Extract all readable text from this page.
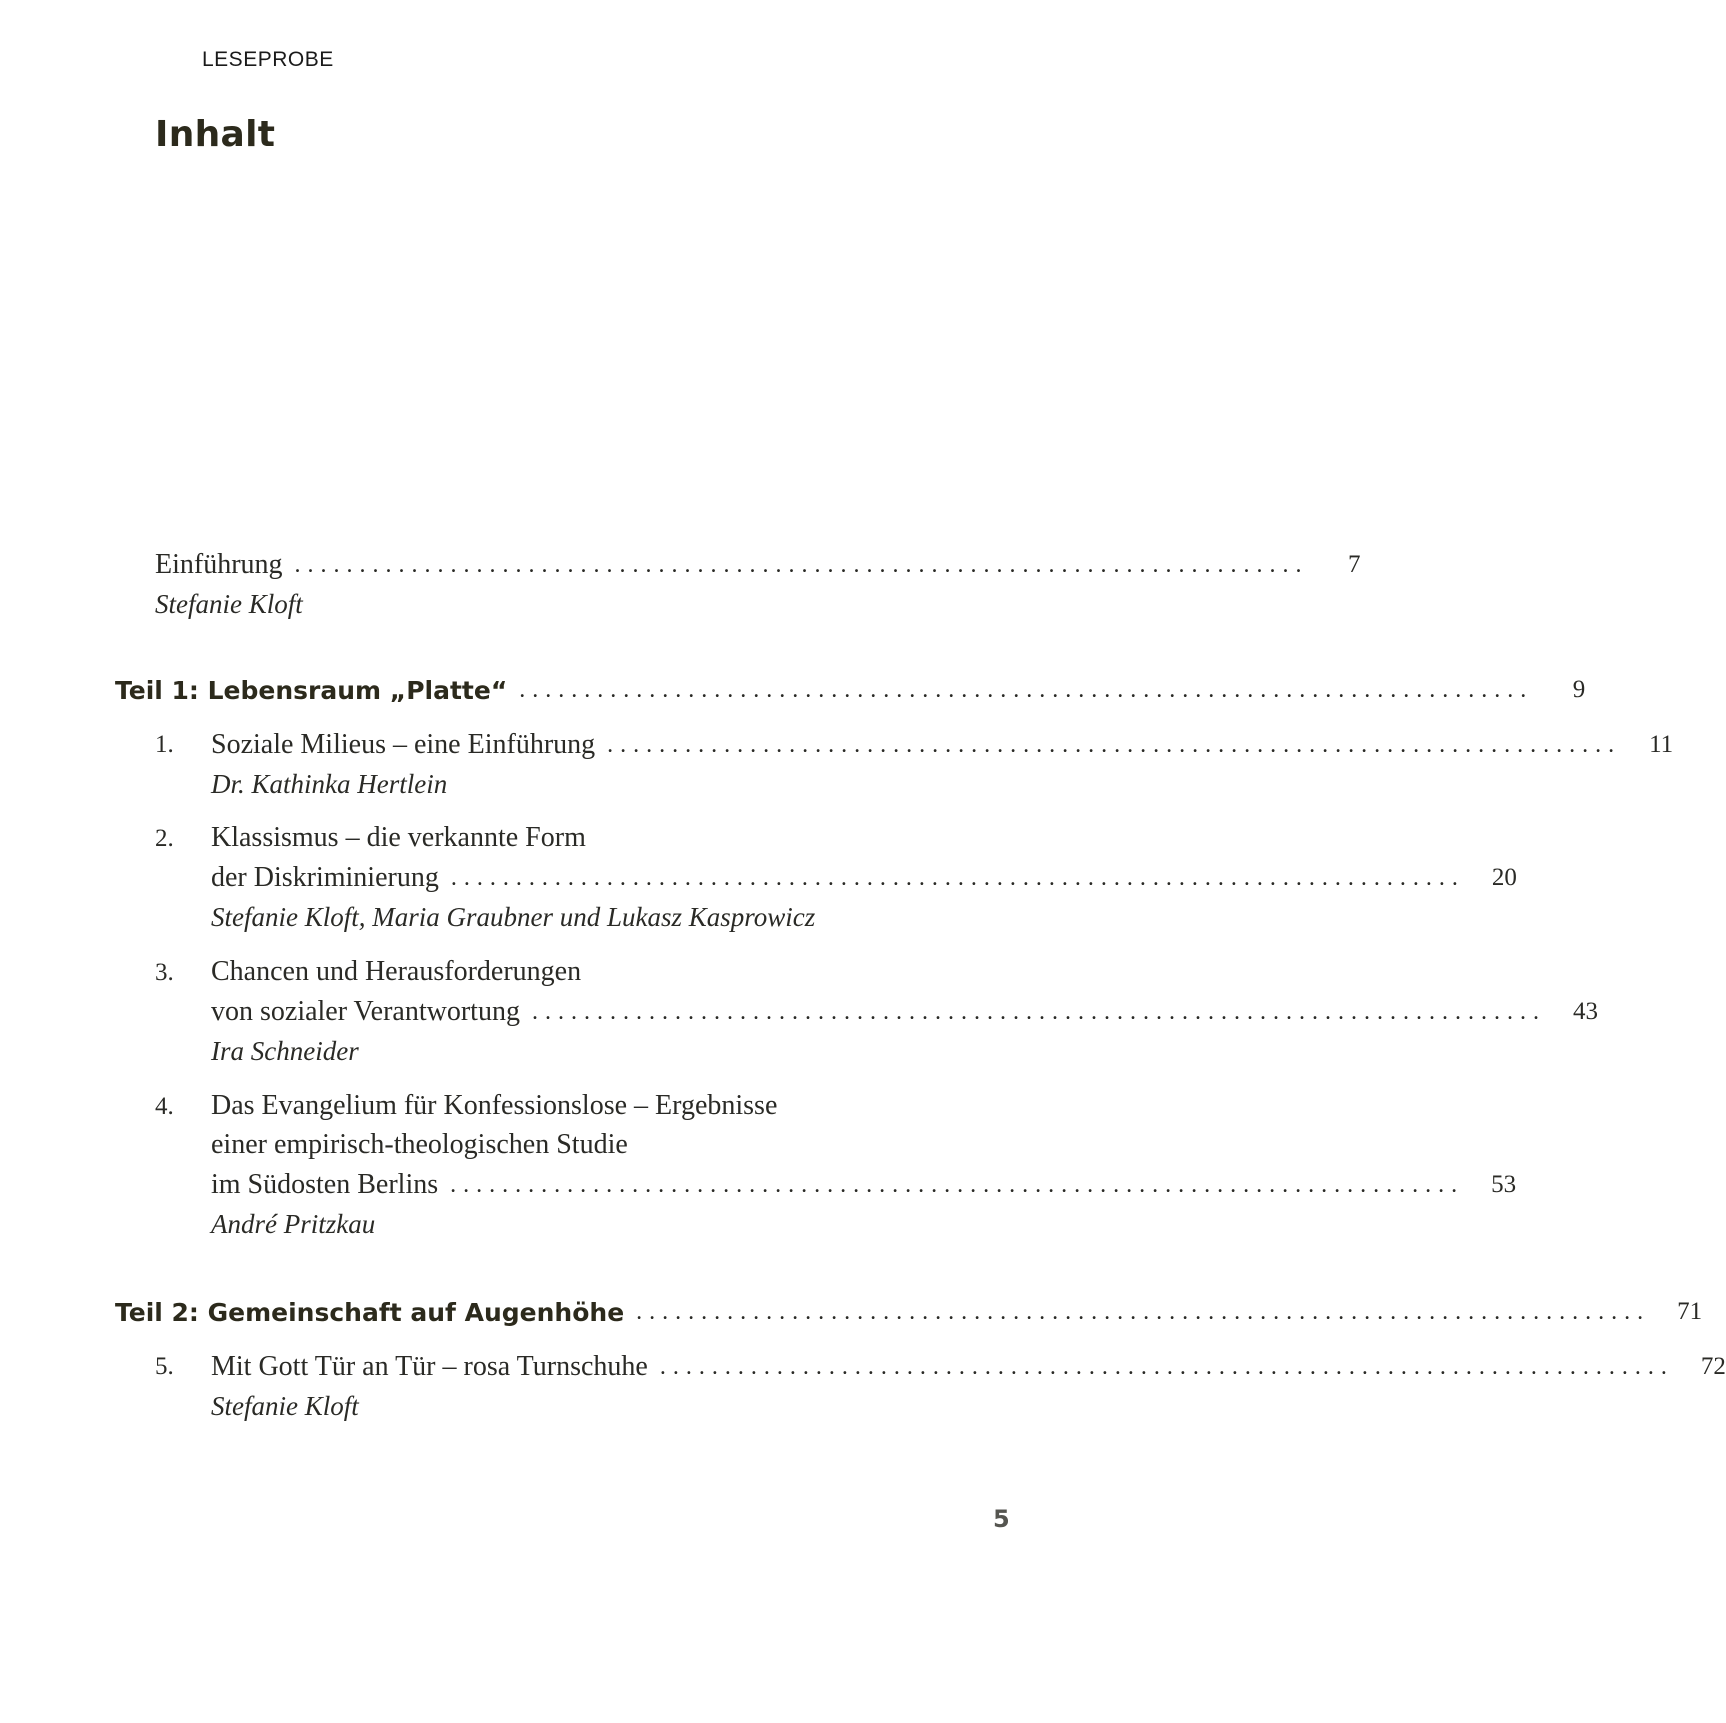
LESEPROBE
Inhalt
Einführung ..............................................................................	7
Stefanie Kloft
Teil 1: Lebensraum „Platte“ ..............................................................................	9
1.	Soziale Milieus – eine Einführung ..............................................................................	11
Dr. Kathinka Hertlein
2. Klassismus – die verkannte Form
der Diskriminierung ..............................................................................	20
Stefanie Kloft, Maria Graubner und Lukasz Kasprowicz
3. Chancen und Herausforderungen
von sozialer Verantwortung ..............................................................................	43
Ira Schneider
4. Das Evangelium für Konfessionslose – Ergebnisse
einer empirisch-theologischen Studie
im Südosten Berlins ..............................................................................	53
André Pritzkau
Teil 2: Gemeinschaft auf Augenhöhe ..............................................................................	71
5.	Mit Gott Tür an Tür – rosa Turnschuhe ..............................................................................	72
Stefanie Kloft
5
